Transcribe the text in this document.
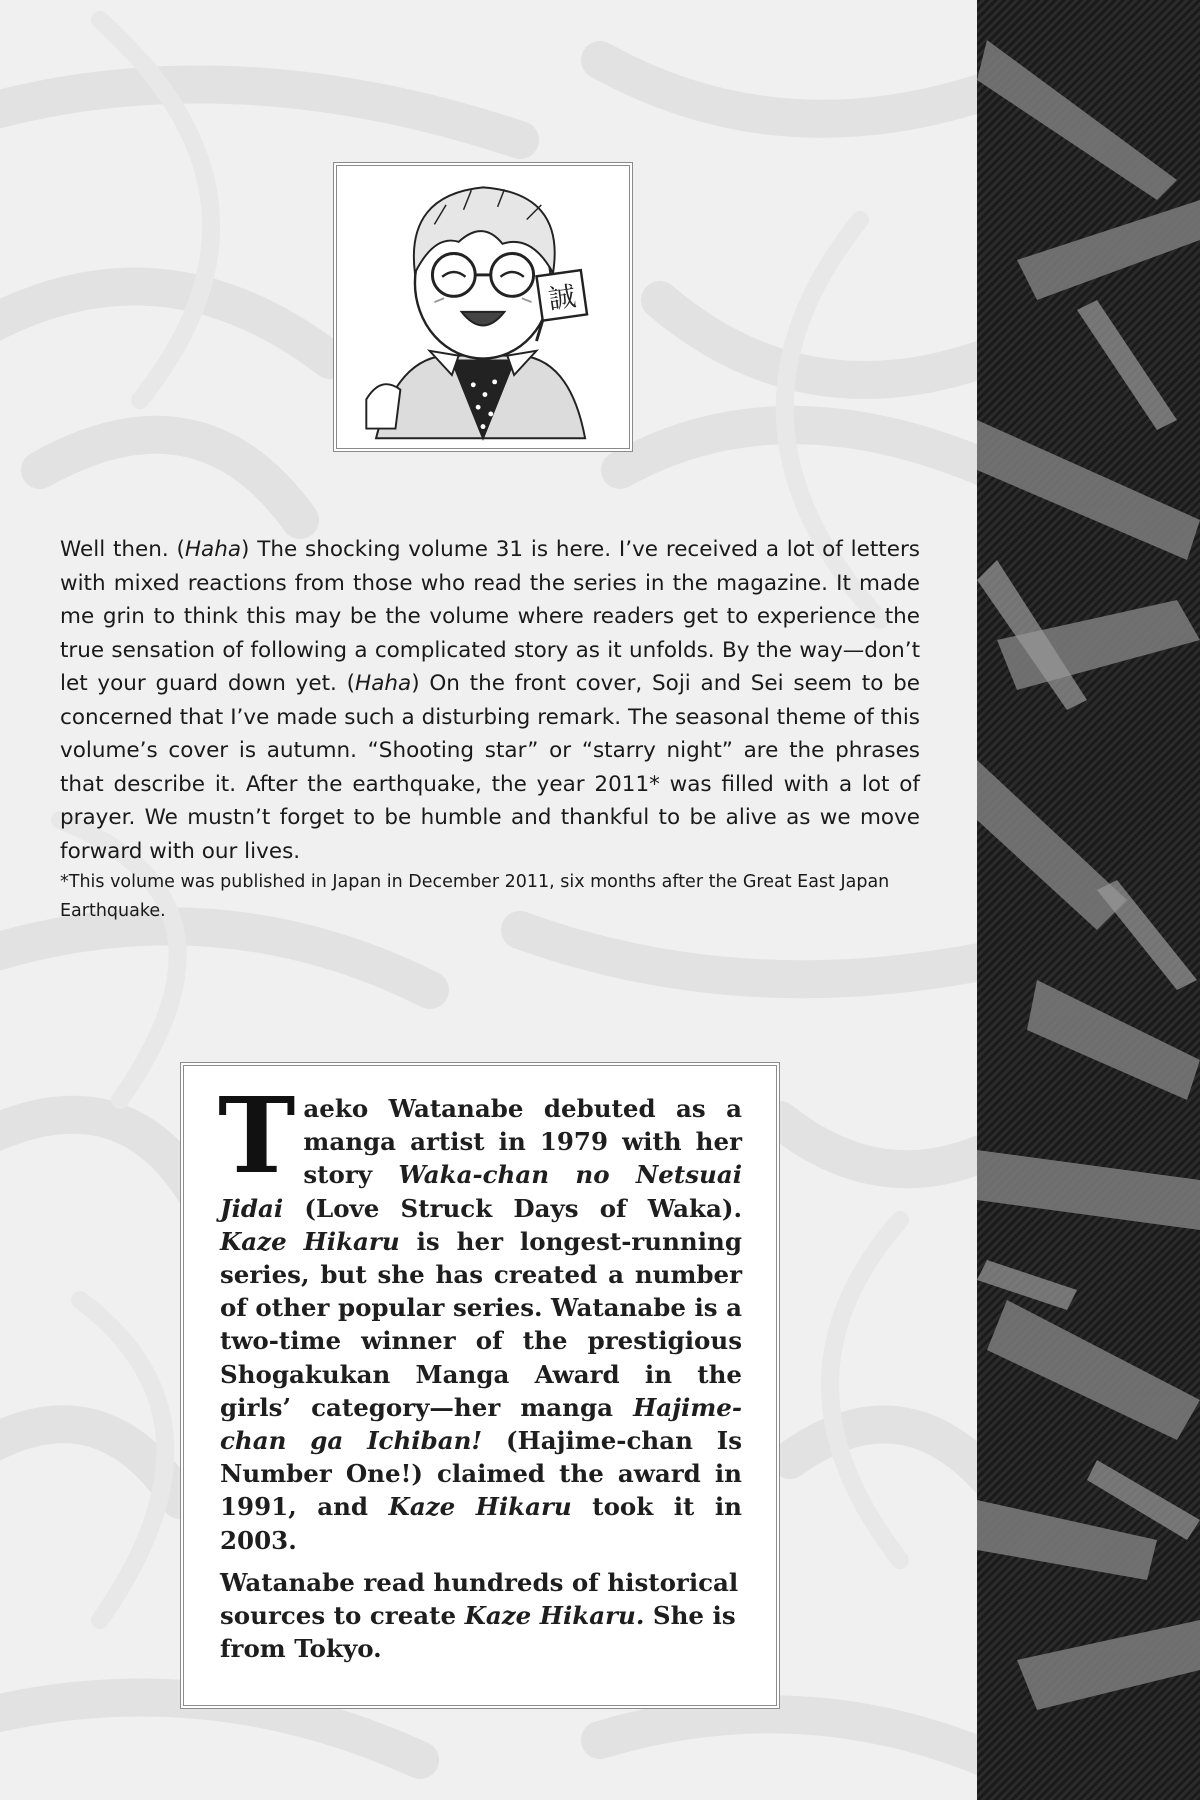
誠

Well then. (Haha) The shocking volume 31 is here. I’ve received a lot of letters with mixed reactions from those who read the series in the magazine. It made me grin to think this may be the volume where readers get to experience the true sensation of following a complicated story as it unfolds. By the way—don’t let your guard down yet. (Haha) On the front cover, Soji and Sei seem to be concerned that I’ve made such a disturbing remark. The seasonal theme of this volume’s cover is autumn. “Shooting star” or “starry night” are the phrases that describe it. After the earthquake, the year 2011* was filled with a lot of prayer. We mustn’t forget to be humble and thankful to be alive as we move forward with our lives.

*This volume was published in Japan in December 2011, six months after the Great East Japan Earthquake.

Taeko Watanabe debuted as a manga artist in 1979 with her story Waka-chan no Netsuai Jidai (Love Struck Days of Waka). Kaze Hikaru is her longest-running series, but she has created a number of other popular series. Watanabe is a two-time winner of the prestigious Shogakukan Manga Award in the girls’ category—her manga Hajime-chan ga Ichiban! (Hajime-chan Is Number One!) claimed the award in 1991, and Kaze Hikaru took it in 2003.

Watanabe read hundreds of historical sources to create Kaze Hikaru. She is from Tokyo.
